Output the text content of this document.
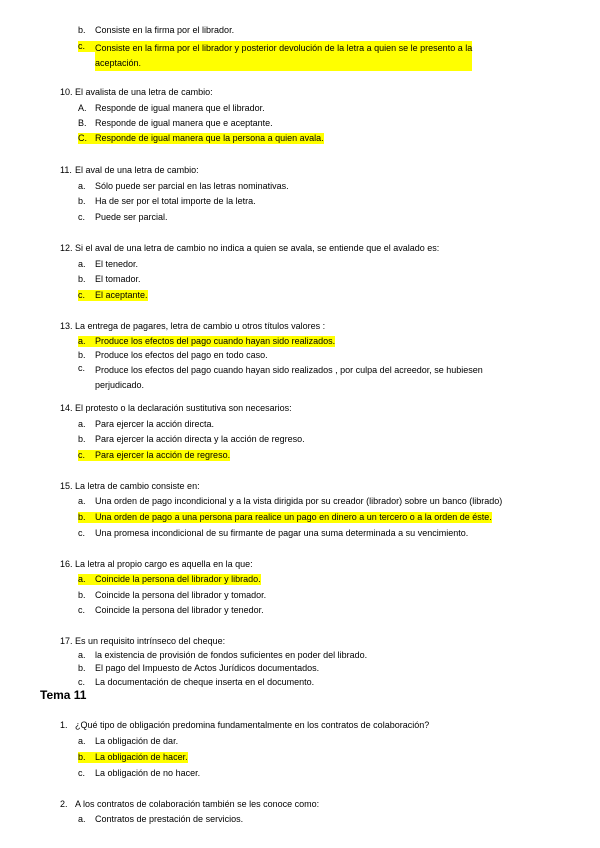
b. Consiste en la firma por el librador.
c. Consiste en la firma por el librador y posterior devolución de la letra a quien se le presento a la
aceptación.
10. El avalista de una letra de cambio:
A. Responde de igual manera que el librador.
B. Responde de igual manera que e aceptante.
C.Responde de igual manera que la persona a quien avala.
11. El aval de una letra de cambio:
a. Sólo puede ser parcial en las letras nominativas.
b. Ha de ser por el total importe de la letra.
c. Puede ser parcial.
12. Si el aval de una letra de cambio no indica a quien se avala, se entiende que el avalado es:
a. El tenedor.
b. El tomador.
c. El aceptante.
13. La entrega de pagares, letra de cambio u otros títulos valores :
a. Produce los efectos del pago cuando hayan sido realizados.
b. Produce los efectos del pago en todo caso.
c. Produce los efectos del pago cuando hayan sido realizados , por culpa del acreedor, se hubiesen
perjudicado.
14. El protesto o la declaración sustitutiva son necesarios:
a.Para ejercer la acción directa.
b. Para ejercer la acción directa y la acción de regreso.
c. Para ejercer la acción de regreso.
15. La letra de cambio consiste en:
a. Una orden de pago incondicional y a la vista dirigida por su creador (librador) sobre un banco (librado)
b. Una orden de pago a una persona para realice un pago en dinero a un tercero o a la orden de éste.
c. Una promesa incondicional de su firmante de pagar una suma determinada a su vencimiento.
16. La letra al propio cargo es aquella en la que:
a. Coincide la persona del librador y librado.
b. Coincide la persona del librador y tomador.
c. Coincide la persona del librador y tenedor.
17. Es un requisito intrínseco del cheque:
a. la existencia de provisión de fondos suficientes en poder del librado.
b. El pago del Impuesto de Actos Jurídicos documentados.
c. La documentación de cheque inserta en el documento.
Tema 11
1. ¿Qué tipo de obligación predomina fundamentalmente en los contratos de colaboración?
a. La obligación de dar.
b. La obligación de hacer.
c. La obligación de no hacer.
2. A los contratos de colaboración también se les conoce como:
a. Contratos de prestación de servicios.
